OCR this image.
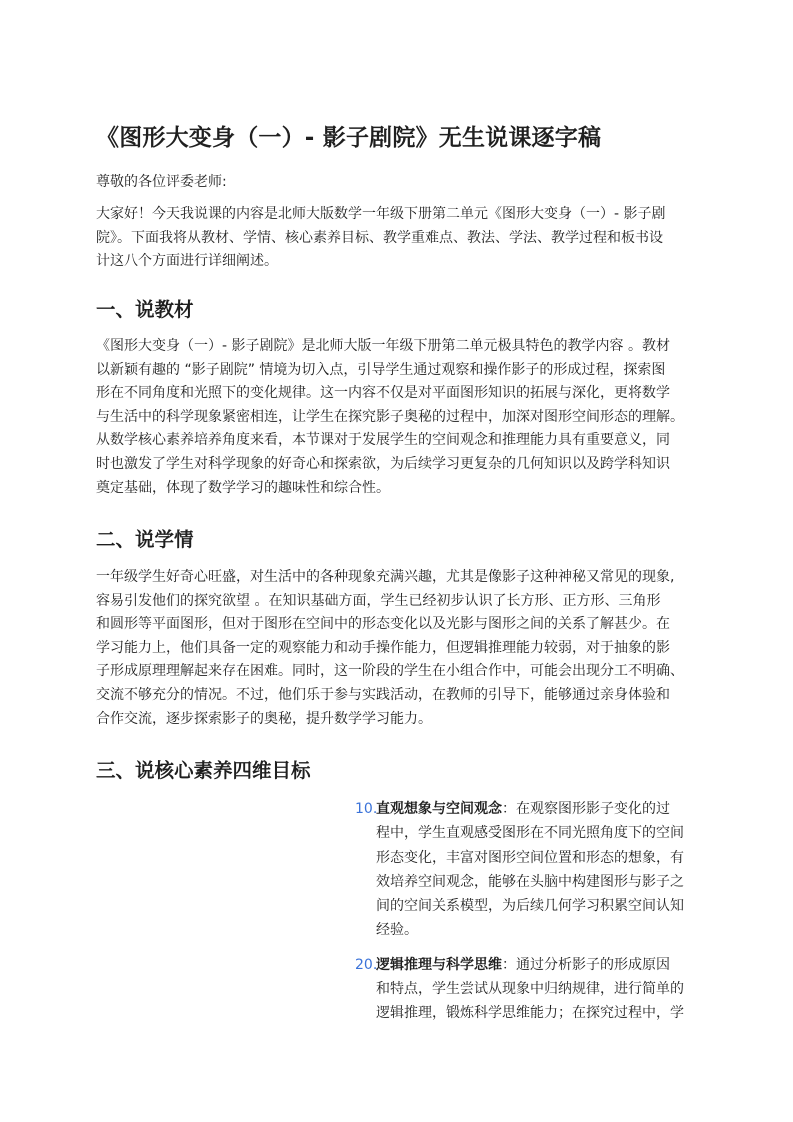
《图形大变身（一）- 影子剧院》无生说课逐字稿

尊敬的各位评委老师:

大家好！今天我说课的内容是北师大版数学一年级下册第二单元《图形大变身（一）- 影子剧
院》。下面我将从教材、学情、核心素养目标、教学重难点、教法、学法、教学过程和板书设
计这八个方面进行详细阐述。

一、说教材

《图形大变身（一）- 影子剧院》是北师大版一年级下册第二单元极具特色的教学内容 。教材
以新颖有趣的 “影子剧院” 情境为切入点，引导学生通过观察和操作影子的形成过程，探索图
形在不同角度和光照下的变化规律。这一内容不仅是对平面图形知识的拓展与深化，更将数学
与生活中的科学现象紧密相连，让学生在探究影子奥秘的过程中，加深对图形空间形态的理解。
从数学核心素养培养角度来看，本节课对于发展学生的空间观念和推理能力具有重要意义，同
时也激发了学生对科学现象的好奇心和探索欲，为后续学习更复杂的几何知识以及跨学科知识
奠定基础，体现了数学学习的趣味性和综合性。

二、说学情

一年级学生好奇心旺盛，对生活中的各种现象充满兴趣，尤其是像影子这种神秘又常见的现象,
容易引发他们的探究欲望 。在知识基础方面，学生已经初步认识了长方形、正方形、三角形
和圆形等平面图形，但对于图形在空间中的形态变化以及光影与图形之间的关系了解甚少。在
学习能力上，他们具备一定的观察能力和动手操作能力，但逻辑推理能力较弱，对于抽象的影
子形成原理理解起来存在困难。同时，这一阶段的学生在小组合作中，可能会出现分工不明确、
交流不够充分的情况。不过，他们乐于参与实践活动，在教师的引导下，能够通过亲身体验和
合作交流，逐步探索影子的奥秘，提升数学学习能力。

三、说核心素养四维目标
10.
直观想象与空间观念：在观察图形影子变化的过
程中，学生直观感受图形在不同光照角度下的空间
形态变化，丰富对图形空间位置和形态的想象，有
效培养空间观念，能够在头脑中构建图形与影子之
间的空间关系模型，为后续几何学习积累空间认知
经验。
20.
逻辑推理与科学思维：通过分析影子的形成原因
和特点，学生尝试从现象中归纳规律，进行简单的
逻辑推理，锻炼科学思维能力；在探究过程中，学
